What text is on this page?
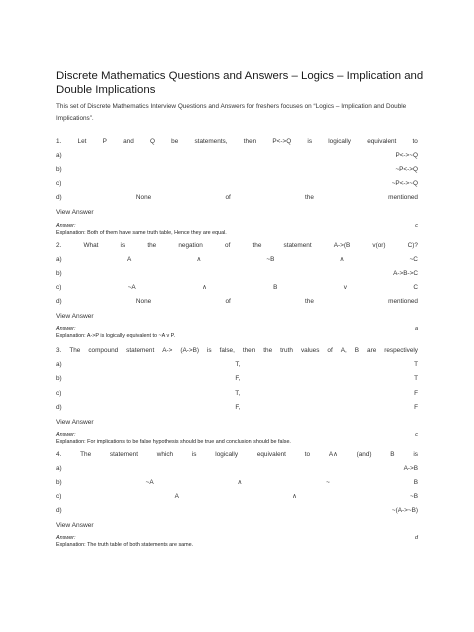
Discrete Mathematics Questions and Answers – Logics – Implication and Double Implications
This set of Discrete Mathematics Interview Questions and Answers for freshers focuses on “Logics – Implication and Double Implications”.
1.	Let	P	and	Q	be	statements,	then	P<->Q	is	logically	equivalent	to
a)	P<->~Q
b)	~P<->Q
c)	~P<->~Q
d)	None	of	the	mentioned
View Answer
Answer:	c
Explanation: Both of them have same truth table, Hence they are equal.
2.	What	is	the	negation	of	the	statement	A->(B	v(or)	C)?
a)	A	∧	~B	∧	~C
b)	A->B->C
c)	~A	∧	B	v	C
d)	None	of	the	mentioned
View Answer
Answer:	a
Explanation: A->P is logically equivalent to ~A v P.
3. The compound statement A-> (A->B) is false, then the truth values of A, B are respectively
a)	T,	T
b)	F,	T
c)	T,	F
d)	F,	F
View Answer
Answer:	c
Explanation: For implications to be false hypothesis should be true and conclusion should be false.
4.	The	statement	which	is	logically	equivalent	to	A∧	(and)	B	is
a)	A->B
b)	~A	∧	~	B
c)	A	∧	~B
d)	~(A->~B)
View Answer
Answer:	d
Explanation: The truth table of both statements are same.
